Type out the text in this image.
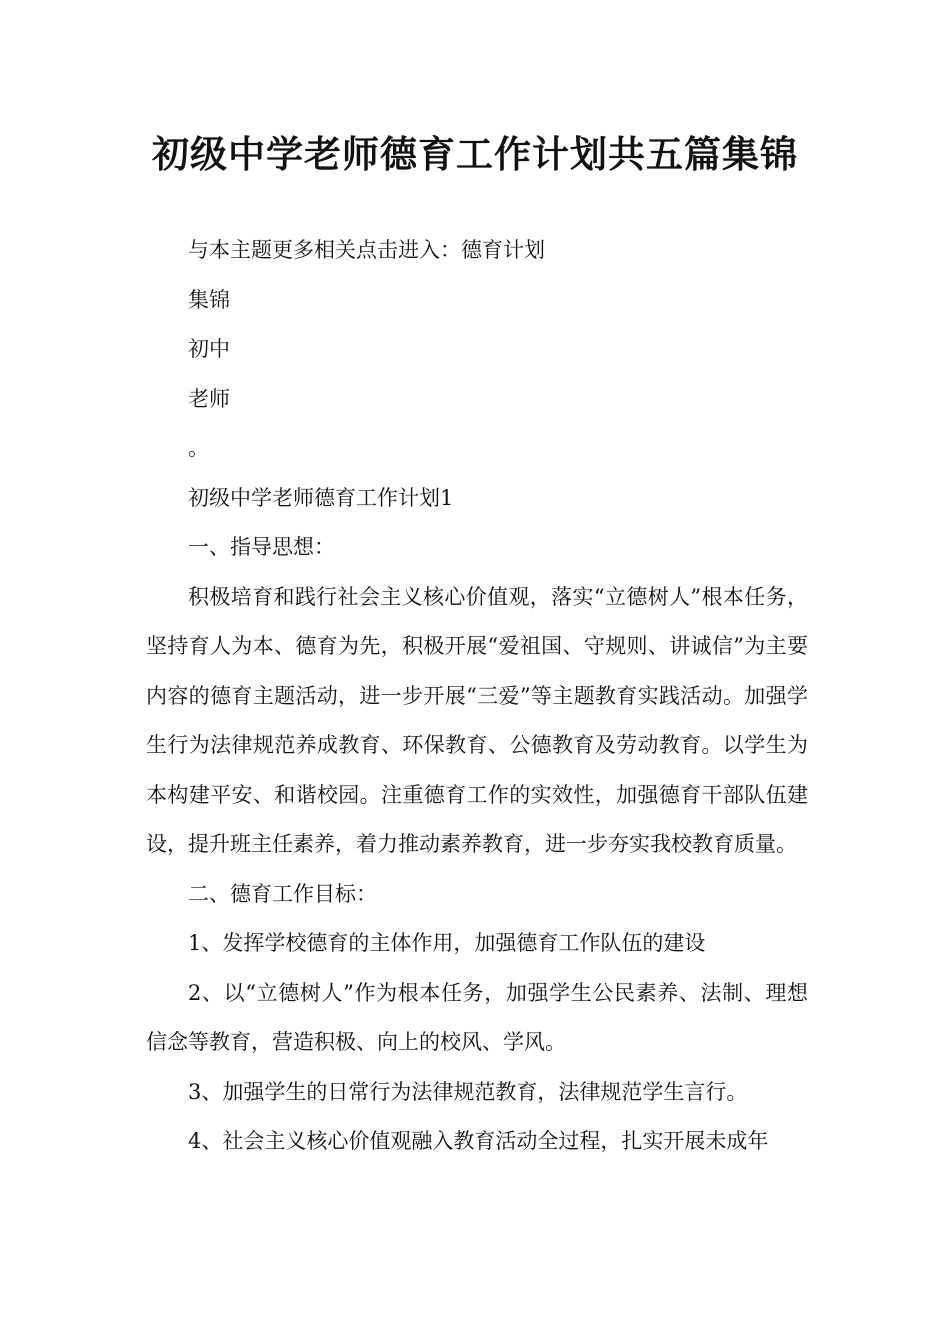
初级中学老师德育工作计划共五篇集锦

与本主题更多相关点击进入：德育计划

集锦

初中

老师

。

初级中学老师德育工作计划1

一、指导思想：

积极培育和践行社会主义核心价值观，落实“立德树人”根本任务，坚持育人为本、德育为先，积极开展“爱祖国、守规则、讲诚信”为主要内容的德育主题活动，进一步开展“三爱”等主题教育实践活动。加强学生行为法律规范养成教育、环保教育、公德教育及劳动教育。以学生为本构建平安、和谐校园。注重德育工作的实效性，加强德育干部队伍建设，提升班主任素养，着力推动素养教育，进一步夯实我校教育质量。

二、德育工作目标：

1、发挥学校德育的主体作用，加强德育工作队伍的建设

2、以“立德树人”作为根本任务，加强学生公民素养、法制、理想信念等教育，营造积极、向上的校风、学风。

3、加强学生的日常行为法律规范教育，法律规范学生言行。

4、社会主义核心价值观融入教育活动全过程，扎实开展未成年
